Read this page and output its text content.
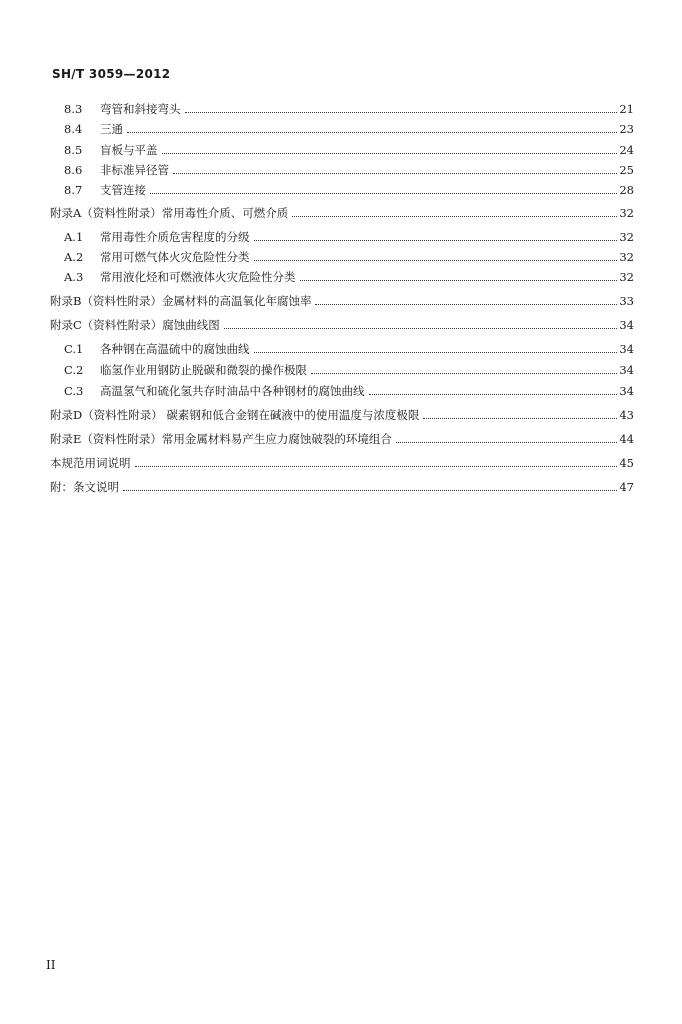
SH/T 3059—2012
8.3	弯管和斜接弯头	21
8.4	三通	23
8.5	盲板与平盖	24
8.6	非标准异径管	25
8.7	支管连接	28
附录A（资料性附录）常用毒性介质、可燃介质	32
A.1	常用毒性介质危害程度的分级	32
A.2	常用可燃气体火灾危险性分类	32
A.3	常用液化烃和可燃液体火灾危险性分类	32
附录B（资料性附录）金属材料的高温氧化年腐蚀率	33
附录C（资料性附录）腐蚀曲线图	34
C.1	各种钢在高温硫中的腐蚀曲线	34
C.2	临氢作业用钢防止脱碳和微裂的操作极限	34
C.3	高温氢气和硫化氢共存时油品中各种钢材的腐蚀曲线	34
附录D（资料性附录） 碳素钢和低合金钢在碱液中的使用温度与浓度极限	43
附录E（资料性附录）常用金属材料易产生应力腐蚀破裂的环境组合	44
本规范用词说明	45
附：条文说明	47
II
